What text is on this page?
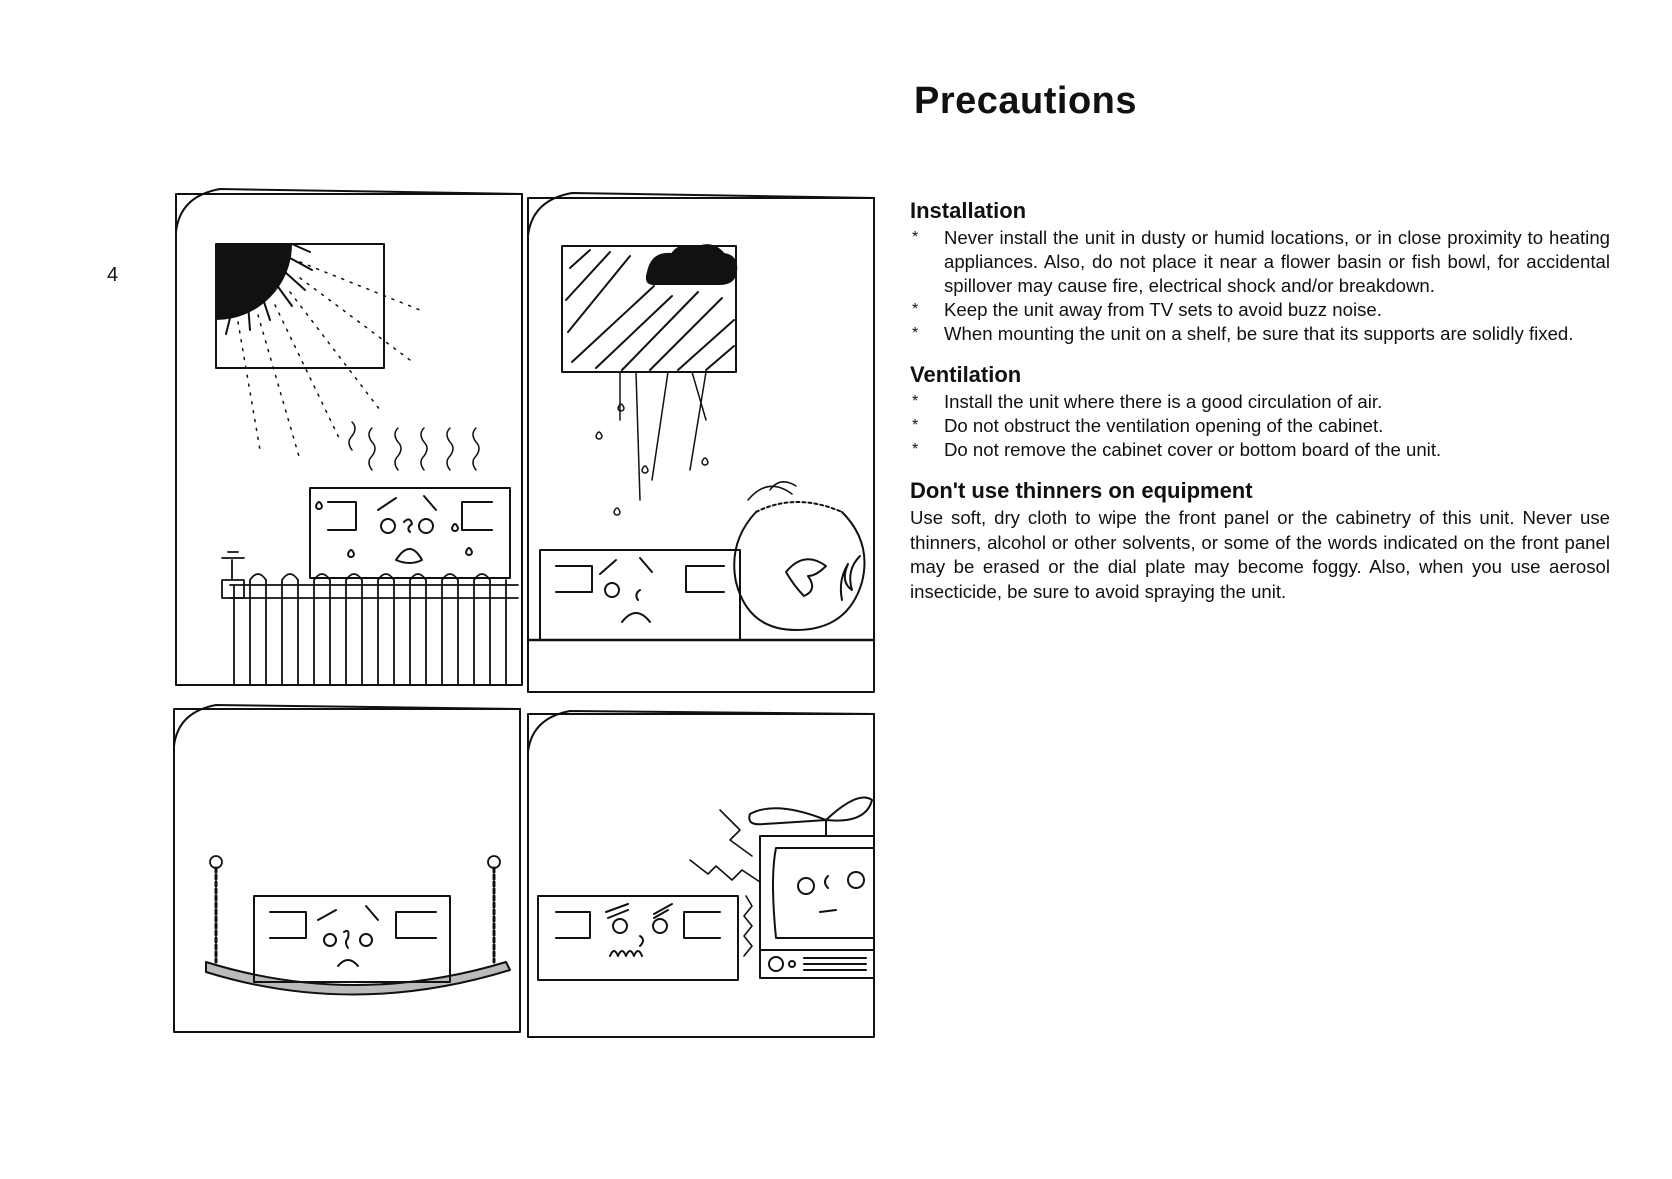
4
Precautions
Installation
* Never install the unit in dusty or humid locations, or in close proximity to heating appliances. Also, do not place it near a flower basin or fish bowl, for accidental spillover may cause fire, electrical shock and/or breakdown.
* Keep the unit away from TV sets to avoid buzz noise.
* When mounting the unit on a shelf, be sure that its supports are solidly fixed.
Ventilation
* Install the unit where there is a good circulation of air.
* Do not obstruct the ventilation opening of the cabinet.
* Do not remove the cabinet cover or bottom board of the unit.
Don't use thinners on equipment

Use soft, dry cloth to wipe the front panel or the cabinetry of this unit. Never use thinners, alcohol or other solvents, or some of the words indicated on the front panel may be erased or the dial plate may become foggy. Also, when you use aerosol insecticide, be sure to avoid spraying the unit.
